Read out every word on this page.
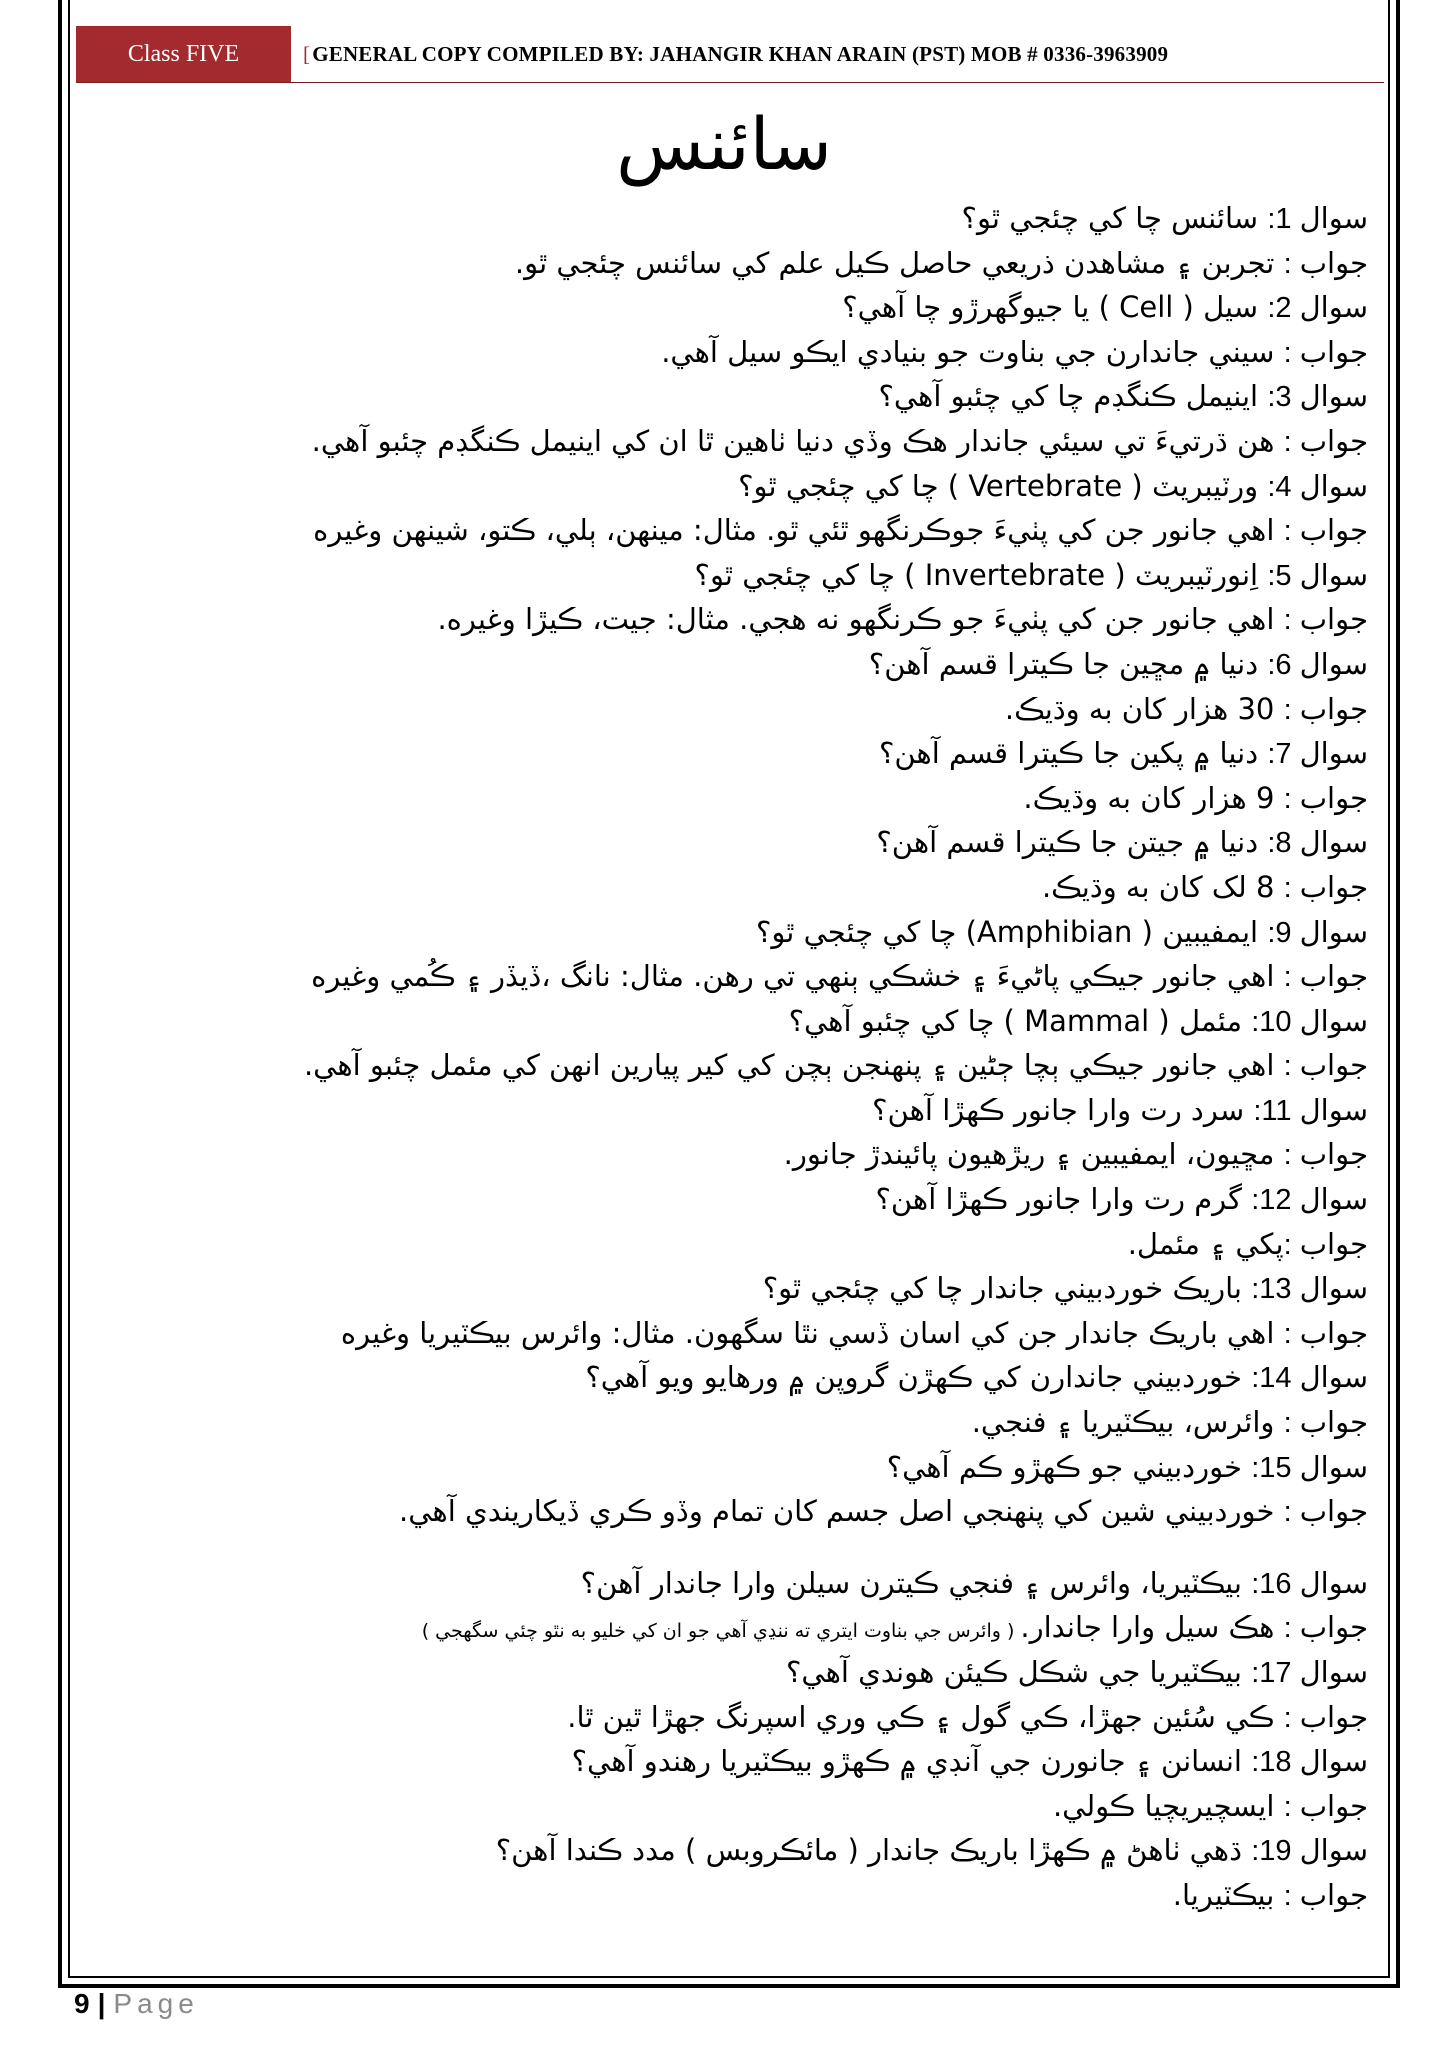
Class FIVE	[ GENERAL COPY COMPILED BY: JAHANGIR KHAN ARAIN (PST) MOB # 0336-3963909
سائنس
سوال 1: سائنس چا کي چئجي ٿو؟
جواب : تجربن ۽ مشاهدن ذريعي حاصل ڪيل علم کي سائنس چئجي ٿو.
سوال 2: سيل ( Cell ) يا جيوگهرڙو چا آهي؟
جواب : سيني جاندارن جي بناوت جو بنيادي ايڪو سيل آهي.
سوال 3: اينيمل ڪنگڊم چا کي چئبو آهي؟
جواب : هن ڌرتيءَ تي سيئي جاندار هڪ وڏي دنيا ٺاهين ٿا ان کي اينيمل ڪنگڊم چئبو آهي.
سوال 4: ورٽيبريٽ ( Vertebrate ) چا کي چئجي ٿو؟
جواب : اهي جانور جن کي پٺيءَ جوڪرنگهو ٿئي ٿو. مثال: مينهن، ٻلي، ڪتو، شينهن وغيره
سوال 5: اِنورٽيبريٽ ( Invertebrate ) چا کي چئجي ٿو؟
جواب : اهي جانور جن کي پٺيءَ جو ڪرنگهو نه هجي. مثال: جيت، ڪيڙا وغيره.
سوال 6: دنيا ۾ مڇين جا ڪيترا قسم آهن؟
جواب : 30 هزار کان به وڌيڪ.
سوال 7: دنيا ۾ پکين جا ڪيترا قسم آهن؟
جواب : 9 هزار کان به وڌيڪ.
سوال 8: دنيا ۾ جيتن جا ڪيترا قسم آهن؟
جواب : 8 لک کان به وڌيڪ.
سوال 9: ايمفيبين ( Amphibian) چا کي چئجي ٿو؟
جواب : اهي جانور جيڪي پاڻيءَ ۽ خشڪي ٻنهي تي رهن. مثال: نانگ ،ڏيڏر ۽ ڪُمي وغيره
سوال 10: مئمل ( Mammal ) چا کي چئبو آهي؟
جواب : اهي جانور جيڪي ٻچا ڄڻين ۽ پنهنجن ٻچن کي کير پيارين انهن کي مئمل چئبو آهي.
سوال 11: سرد رت وارا جانور ڪهڙا آهن؟
جواب : مڇيون، ايمفيبين ۽ ريڙهيون پائيندڙ جانور.
سوال 12: گرم رت وارا جانور ڪهڙا آهن؟
جواب :پکي ۽ مئمل.
سوال 13: باريڪ خوردبيني جاندار چا کي چئجي ٿو؟
جواب : اهي باريڪ جاندار جن کي اسان ڏسي نٿا سگهون. مثال: وائرس بيڪٽيريا وغيره
سوال 14: خوردبيني جاندارن کي ڪهڙن گروپن ۾ ورهايو ويو آهي؟
جواب : وائرس، بيڪٽيريا ۽ فنجي.
سوال 15: خوردبيني جو ڪهڙو ڪم آهي؟
جواب : خوردبيني شين کي پنهنجي اصل جسم کان تمام وڏو ڪري ڏيکاريندي آهي.
سوال 16: بيڪٽيريا، وائرس ۽ فنجي ڪيترن سيلن وارا جاندار آهن؟
جواب : هڪ سيل وارا جاندار. ( وائرس جي بناوت ايتري ته ننڍي آهي جو ان کي خليو به نٿو چئي سگهجي )
سوال 17: بيڪٽيريا جي شڪل ڪيئن هوندي آهي؟
جواب : ڪي سُئين جهڙا، ڪي گول ۽ ڪي وري اسپرنگ جهڙا ٿين ٿا.
سوال 18: انسانن ۽ جانورن جي آنڊي ۾ ڪهڙو بيڪٽيريا رهندو آهي؟
جواب : ايسچيريچيا ڪولي.
سوال 19: ڌهي ٺاهڻ ۾ ڪهڙا باريڪ جاندار ( مائڪروبس ) مدد ڪندا آهن؟
جواب : بيڪٽيريا.
9 | Page
